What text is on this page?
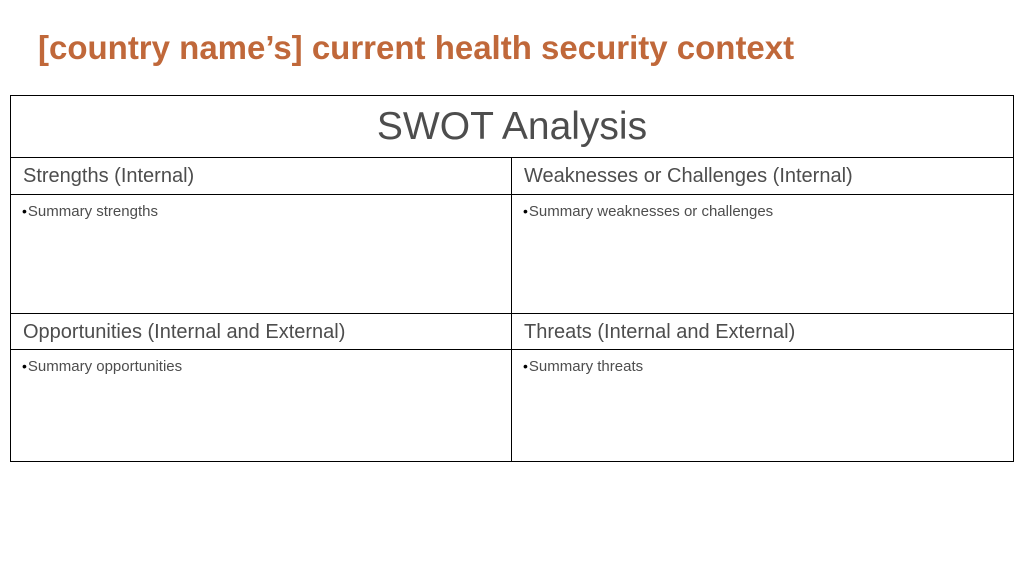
[country name’s] current health security context
SWOT Analysis
Strengths (Internal)	Weaknesses or Challenges (Internal)
• Summary strengths	• Summary weaknesses or challenges
Opportunities (Internal and External)	Threats (Internal and External)
• Summary opportunities	• Summary threats
